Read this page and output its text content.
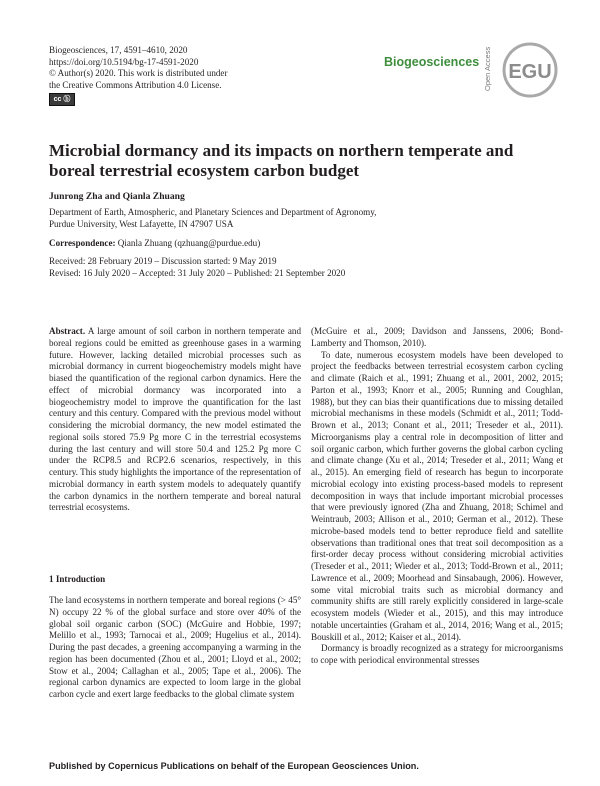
Biogeosciences, 17, 4591–4610, 2020
https://doi.org/10.5194/bg-17-4591-2020
© Author(s) 2020. This work is distributed under
the Creative Commons Attribution 4.0 License.
cc ⓑ
Biogeosciences Open Access EGU
Microbial dormancy and its impacts on northern temperate and
boreal terrestrial ecosystem carbon budget
Junrong Zha and Qianla Zhuang
Department of Earth, Atmospheric, and Planetary Sciences and Department of Agronomy,
Purdue University, West Lafayette, IN 47907 USA
Correspondence: Qianla Zhuang (qzhuang@purdue.edu)
Received: 28 February 2019 – Discussion started: 9 May 2019
Revised: 16 July 2020 – Accepted: 31 July 2020 – Published: 21 September 2020

Abstract. A large amount of soil carbon in northern temperate and boreal regions could be emitted as greenhouse gases in a warming future. However, lacking detailed microbial processes such as microbial dormancy in current biogeochemistry models might have biased the quantification of the regional carbon dynamics. Here the effect of microbial dormancy was incorporated into a biogeochemistry model to improve the quantification for the last century and this century. Compared with the previous model without considering the microbial dormancy, the new model estimated the regional soils stored 75.9 Pg more C in the terrestrial ecosystems during the last century and will store 50.4 and 125.2 Pg more C under the RCP8.5 and RCP2.6 scenarios, respectively, in this century. This study highlights the importance of the representation of microbial dormancy in earth system models to adequately quantify the carbon dynamics in the northern temperate and boreal natural terrestrial ecosystems.

1 Introduction

The land ecosystems in northern temperate and boreal regions (> 45° N) occupy 22 % of the global surface and store over 40% of the global soil organic carbon (SOC) (McGuire and Hobbie, 1997; Melillo et al., 1993; Tarnocai et al., 2009; Hugelius et al., 2014). During the past decades, a greening accompanying a warming in the region has been documented (Zhou et al., 2001; Lloyd et al., 2002; Stow et al., 2004; Callaghan et al., 2005; Tape et al., 2006). The regional carbon dynamics are expected to loom large in the global carbon cycle and exert large feedbacks to the global climate system

(McGuire et al., 2009; Davidson and Janssens, 2006; Bond-Lamberty and Thomson, 2010).

To date, numerous ecosystem models have been developed to project the feedbacks between terrestrial ecosystem carbon cycling and climate (Raich et al., 1991; Zhuang et al., 2001, 2002, 2015; Parton et al., 1993; Knorr et al., 2005; Running and Coughlan, 1988), but they can bias their quantifications due to missing detailed microbial mechanisms in these models (Schmidt et al., 2011; Todd-Brown et al., 2013; Conant et al., 2011; Treseder et al., 2011). Microorganisms play a central role in decomposition of litter and soil organic carbon, which further governs the global carbon cycling and climate change (Xu et al., 2014; Treseder et al., 2011; Wang et al., 2015). An emerging field of research has begun to incorporate microbial ecology into existing process-based models to represent decomposition in ways that include important microbial processes that were previously ignored (Zha and Zhuang, 2018; Schimel and Weintraub, 2003; Allison et al., 2010; German et al., 2012). These microbe-based models tend to better reproduce field and satellite observations than traditional ones that treat soil decomposition as a first-order decay process without considering microbial activities (Treseder et al., 2011; Wieder et al., 2013; Todd-Brown et al., 2011; Lawrence et al., 2009; Moorhead and Sinsabaugh, 2006). However, some vital microbial traits such as microbial dormancy and community shifts are still rarely explicitly considered in large-scale ecosystem models (Wieder et al., 2015), and this may introduce notable uncertainties (Graham et al., 2014, 2016; Wang et al., 2015; Bouskill et al., 2012; Kaiser et al., 2014).

Dormancy is broadly recognized as a strategy for microorganisms to cope with periodical environmental stresses

Published by Copernicus Publications on behalf of the European Geosciences Union.
